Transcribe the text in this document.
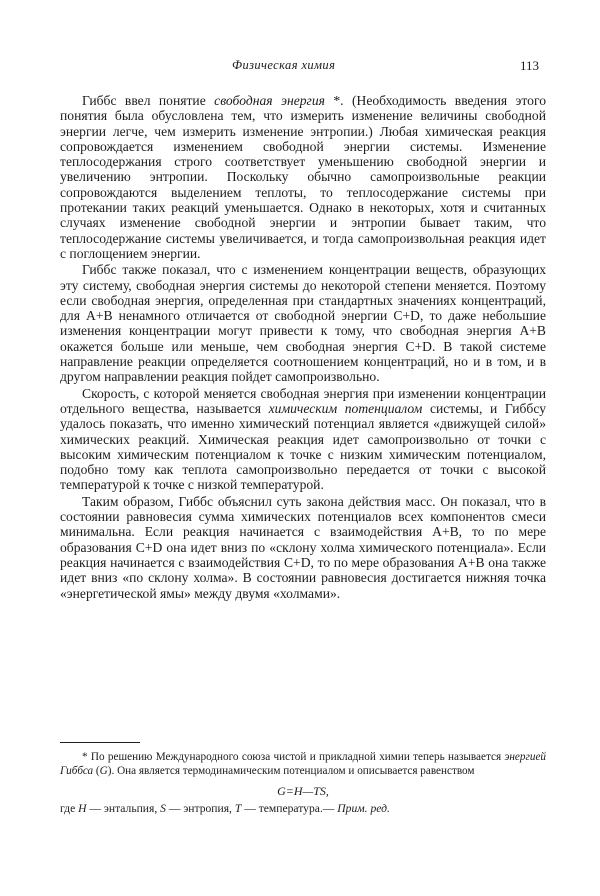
Физическая химия	113

Гиббс ввел понятие свободная энергия *. (Необходимость введения этого понятия была обусловлена тем, что измерить изменение величины свободной энергии легче, чем измерить изменение энтропии.) Любая химическая реакция сопровождается изменением свободной энергии системы. Изменение теплосодержания строго соответствует уменьшению свободной энергии и увеличению энтропии. Поскольку обычно самопроизвольные реакции сопровождаются выделением теплоты, то теплосодержание системы при протекании таких реакций уменьшается. Однако в некоторых, хотя и считанных случаях изменение свободной энергии и энтропии бывает таким, что теплосодержание системы увеличивается, и тогда самопроизвольная реакция идет с поглощением энергии.

Гиббс также показал, что с изменением концентрации веществ, образующих эту систему, свободная энергия системы до некоторой степени меняется. Поэтому если свободная энергия, определенная при стандартных значениях концентраций, для A+B ненамного отличается от свободной энергии C+D, то даже небольшие изменения концентрации могут привести к тому, что свободная энергия A+B окажется больше или меньше, чем свободная энергия C+D. В такой системе направление реакции определяется соотношением концентраций, но и в том, и в другом направлении реакция пойдет самопроизвольно.

Скорость, с которой меняется свободная энергия при изменении концентрации отдельного вещества, называется химическим потенциалом системы, и Гиббсу удалось показать, что именно химический потенциал является «движущей силой» химических реакций. Химическая реакция идет самопроизвольно от точки с высоким химическим потенциалом к точке с низким химическим потенциалом, подобно тому как теплота самопроизвольно передается от точки с высокой температурой к точке с низкой температурой.

Таким образом, Гиббс объяснил суть закона действия масс. Он показал, что в состоянии равновесия сумма химических потенциалов всех компонентов смеси минимальна. Если реакция начинается с взаимодействия A+B, то по мере образования C+D она идет вниз по «склону холма химического потенциала». Если реакция начинается с взаимодействия C+D, то по мере образования A+B она также идет вниз «по склону холма». В состоянии равновесия достигается нижняя точка «энергетической ямы» между двумя «холмами».

* По решению Международного союза чистой и прикладной химии теперь называется энергией Гиббса (G). Она является термодинамическим потенциалом и описывается равенством

G=H—TS,

где H — энтальпия, S — энтропия, T — температура.— Прим. ред.
